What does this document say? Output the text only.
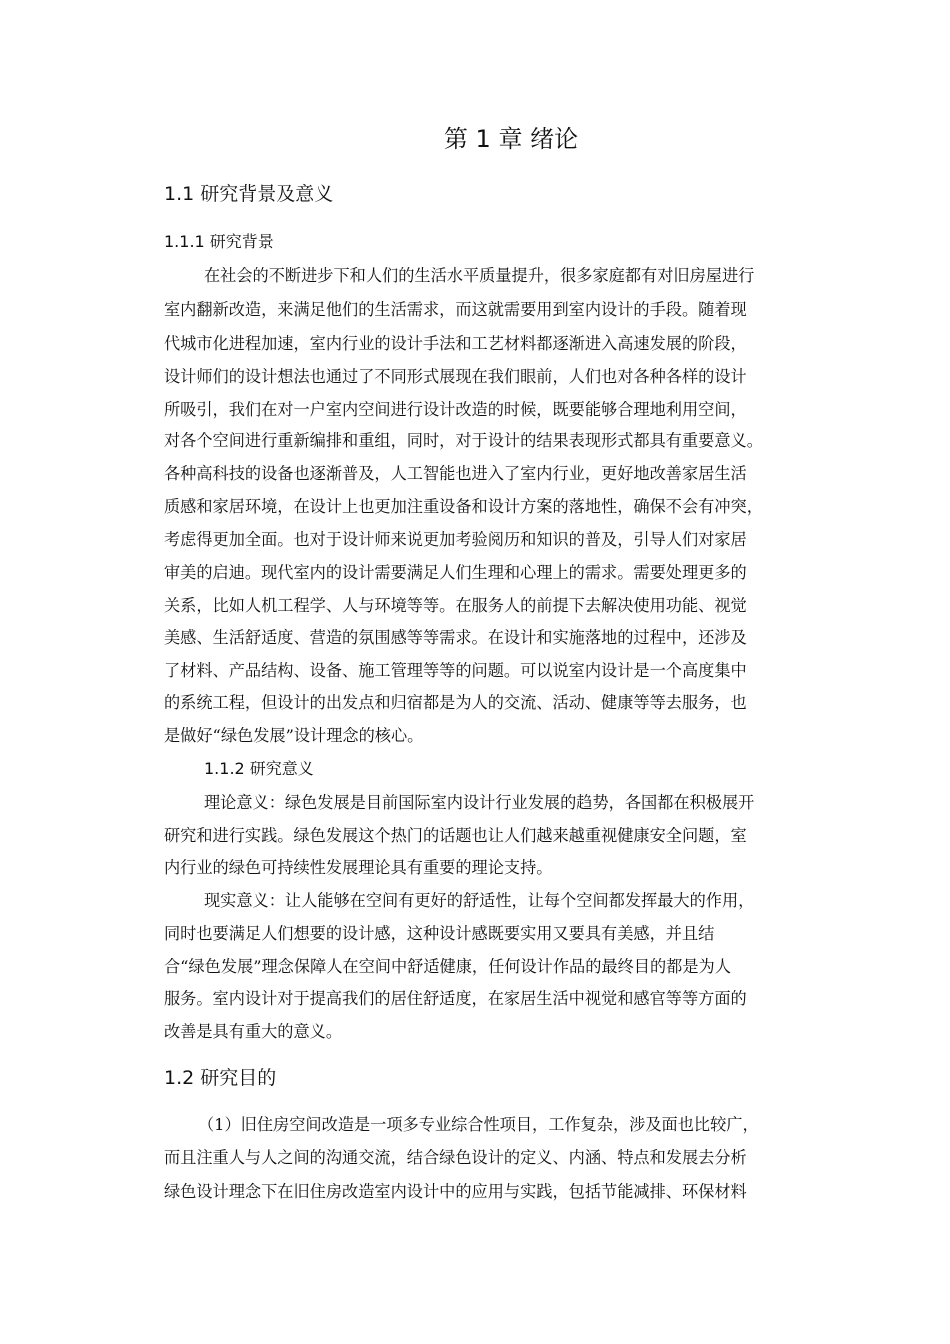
第 1 章 绪论
1.1 研究背景及意义
1.1.1 研究背景

在社会的不断进步下和人们的生活水平质量提升，很多家庭都有对旧房屋进行

室内翻新改造，来满足他们的生活需求，而这就需要用到室内设计的手段。随着现

代城市化进程加速，室内行业的设计手法和工艺材料都逐渐进入高速发展的阶段，

设计师们的设计想法也通过了不同形式展现在我们眼前，人们也对各种各样的设计

所吸引，我们在对一户室内空间进行设计改造的时候，既要能够合理地利用空间，

对各个空间进行重新编排和重组，同时，对于设计的结果表现形式都具有重要意义。

各种高科技的设备也逐渐普及，人工智能也进入了室内行业，更好地改善家居生活

质感和家居环境，在设计上也更加注重设备和设计方案的落地性，确保不会有冲突，

考虑得更加全面。也对于设计师来说更加考验阅历和知识的普及，引导人们对家居

审美的启迪。现代室内的设计需要满足人们生理和心理上的需求。需要处理更多的

关系，比如人机工程学、人与环境等等。在服务人的前提下去解决使用功能、视觉

美感、生活舒适度、营造的氛围感等等需求。在设计和实施落地的过程中，还涉及

了材料、产品结构、设备、施工管理等等的问题。可以说室内设计是一个高度集中

的系统工程，但设计的出发点和归宿都是为人的交流、活动、健康等等去服务，也

是做好“绿色发展”设计理念的核心。

1.1.2 研究意义

理论意义：绿色发展是目前国际室内设计行业发展的趋势，各国都在积极展开

研究和进行实践。绿色发展这个热门的话题也让人们越来越重视健康安全问题，室

内行业的绿色可持续性发展理论具有重要的理论支持。

现实意义：让人能够在空间有更好的舒适性，让每个空间都发挥最大的作用，

同时也要满足人们想要的设计感，这种设计感既要实用又要具有美感，并且结

合“绿色发展”理念保障人在空间中舒适健康，任何设计作品的最终目的都是为人

服务。室内设计对于提高我们的居住舒适度，在家居生活中视觉和感官等等方面的

改善是具有重大的意义。

1.2 研究目的

（1）旧住房空间改造是一项多专业综合性项目，工作复杂，涉及面也比较广，

而且注重人与人之间的沟通交流，结合绿色设计的定义、内涵、特点和发展去分析

绿色设计理念下在旧住房改造室内设计中的应用与实践，包括节能减排、环保材料
